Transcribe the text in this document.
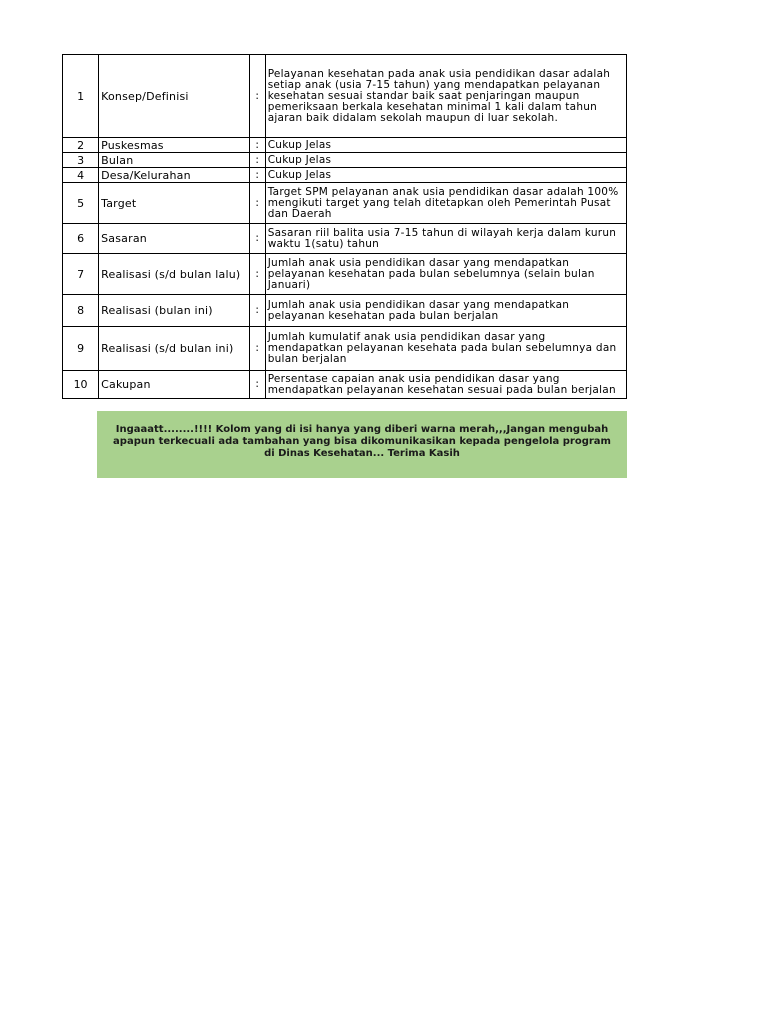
1	Konsep/Definisi	:	Pelayanan kesehatan pada anak usia pendidikan dasar adalah setiap anak (usia 7-15 tahun) yang mendapatkan pelayanan kesehatan sesuai standar baik saat penjaringan maupun pemeriksaan berkala kesehatan minimal 1 kali dalam tahun ajaran baik didalam sekolah maupun di luar sekolah.
2	Puskesmas	:	Cukup Jelas
3	Bulan	:	Cukup Jelas
4	Desa/Kelurahan	:	Cukup Jelas
5	Target	:	Target SPM pelayanan anak usia pendidikan dasar adalah 100% mengikuti target yang telah ditetapkan oleh Pemerintah Pusat dan Daerah
6	Sasaran	:	Sasaran riil balita usia 7-15 tahun di wilayah kerja dalam kurun waktu 1(satu) tahun
7	Realisasi (s/d bulan lalu)	:	Jumlah anak usia pendidikan dasar yang mendapatkan pelayanan kesehatan pada bulan sebelumnya (selain bulan Januari)
8	Realisasi (bulan ini)	:	Jumlah anak usia pendidikan dasar yang mendapatkan pelayanan kesehatan pada bulan berjalan
9	Realisasi (s/d bulan ini)	:	Jumlah kumulatif anak usia pendidikan dasar yang mendapatkan pelayanan kesehata pada bulan sebelumnya dan bulan berjalan
10	Cakupan	:	Persentase capaian anak usia pendidikan dasar yang mendapatkan pelayanan kesehatan sesuai pada bulan berjalan
Ingaaatt........!!!! Kolom yang di isi hanya yang diberi warna merah,,,Jangan mengubah apapun terkecuali ada tambahan yang bisa dikomunikasikan kepada pengelola program di Dinas Kesehatan... Terima Kasih
